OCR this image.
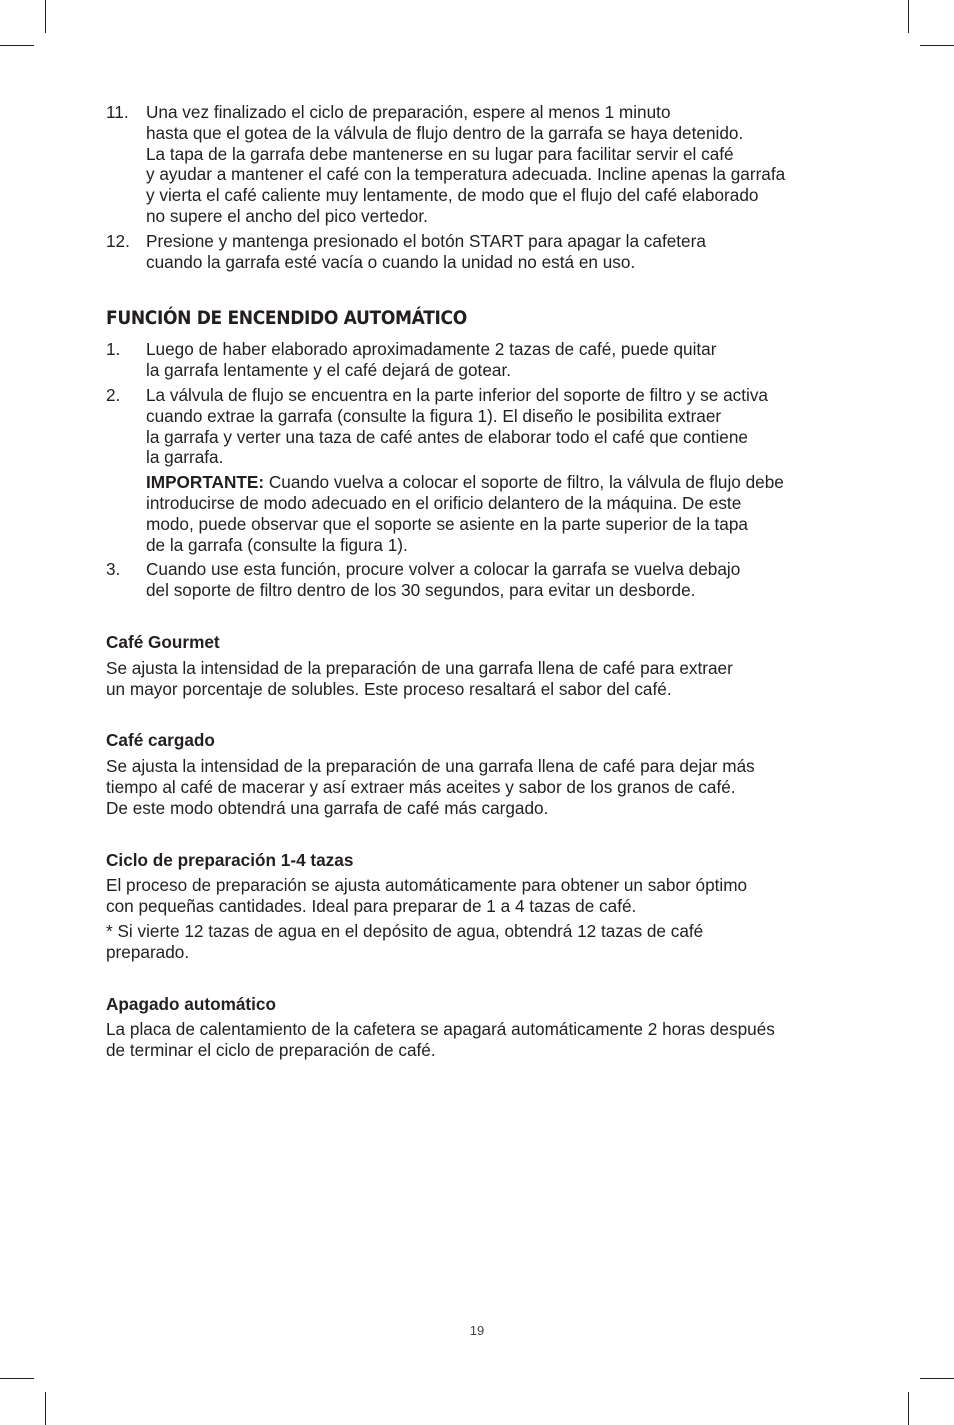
11. Una vez finalizado el ciclo de preparación, espere al menos 1 minuto
hasta que el gotea de la válvula de flujo dentro de la garrafa se haya detenido.
La tapa de la garrafa debe mantenerse en su lugar para facilitar servir el café
y ayudar a mantener el café con la temperatura adecuada. Incline apenas la garrafa
y vierta el café caliente muy lentamente, de modo que el flujo del café elaborado
no supere el ancho del pico vertedor.

12. Presione y mantenga presionado el botón START para apagar la cafetera
cuando la garrafa esté vacía o cuando la unidad no está en uso.

FUNCIÓN DE ENCENDIDO AUTOMÁTICO
1. Luego de haber elaborado aproximadamente 2 tazas de café, puede quitar
la garrafa lentamente y el café dejará de gotear.

2. La válvula de flujo se encuentra en la parte inferior del soporte de filtro y se activa
cuando extrae la garrafa (consulte la figura 1). El diseño le posibilita extraer
la garrafa y verter una taza de café antes de elaborar todo el café que contiene
la garrafa.

IMPORTANTE: Cuando vuelva a colocar el soporte de filtro, la válvula de flujo debe
introducirse de modo adecuado en el orificio delantero de la máquina. De este
modo, puede observar que el soporte se asiente en la parte superior de la tapa
de la garrafa (consulte la figura 1).

3. Cuando use esta función, procure volver a colocar la garrafa se vuelva debajo
del soporte de filtro dentro de los 30 segundos, para evitar un desborde.

Café Gourmet

Se ajusta la intensidad de la preparación de una garrafa llena de café para extraer
un mayor porcentaje de solubles. Este proceso resaltará el sabor del café.

Café cargado

Se ajusta la intensidad de la preparación de una garrafa llena de café para dejar más
tiempo al café de macerar y así extraer más aceites y sabor de los granos de café.
De este modo obtendrá una garrafa de café más cargado.

Ciclo de preparación 1-4 tazas

El proceso de preparación se ajusta automáticamente para obtener un sabor óptimo
con pequeñas cantidades. Ideal para preparar de 1 a 4 tazas de café.

* Si vierte 12 tazas de agua en el depósito de agua, obtendrá 12 tazas de café
preparado.

Apagado automático

La placa de calentamiento de la cafetera se apagará automáticamente 2 horas después
de terminar el ciclo de preparación de café.

19
